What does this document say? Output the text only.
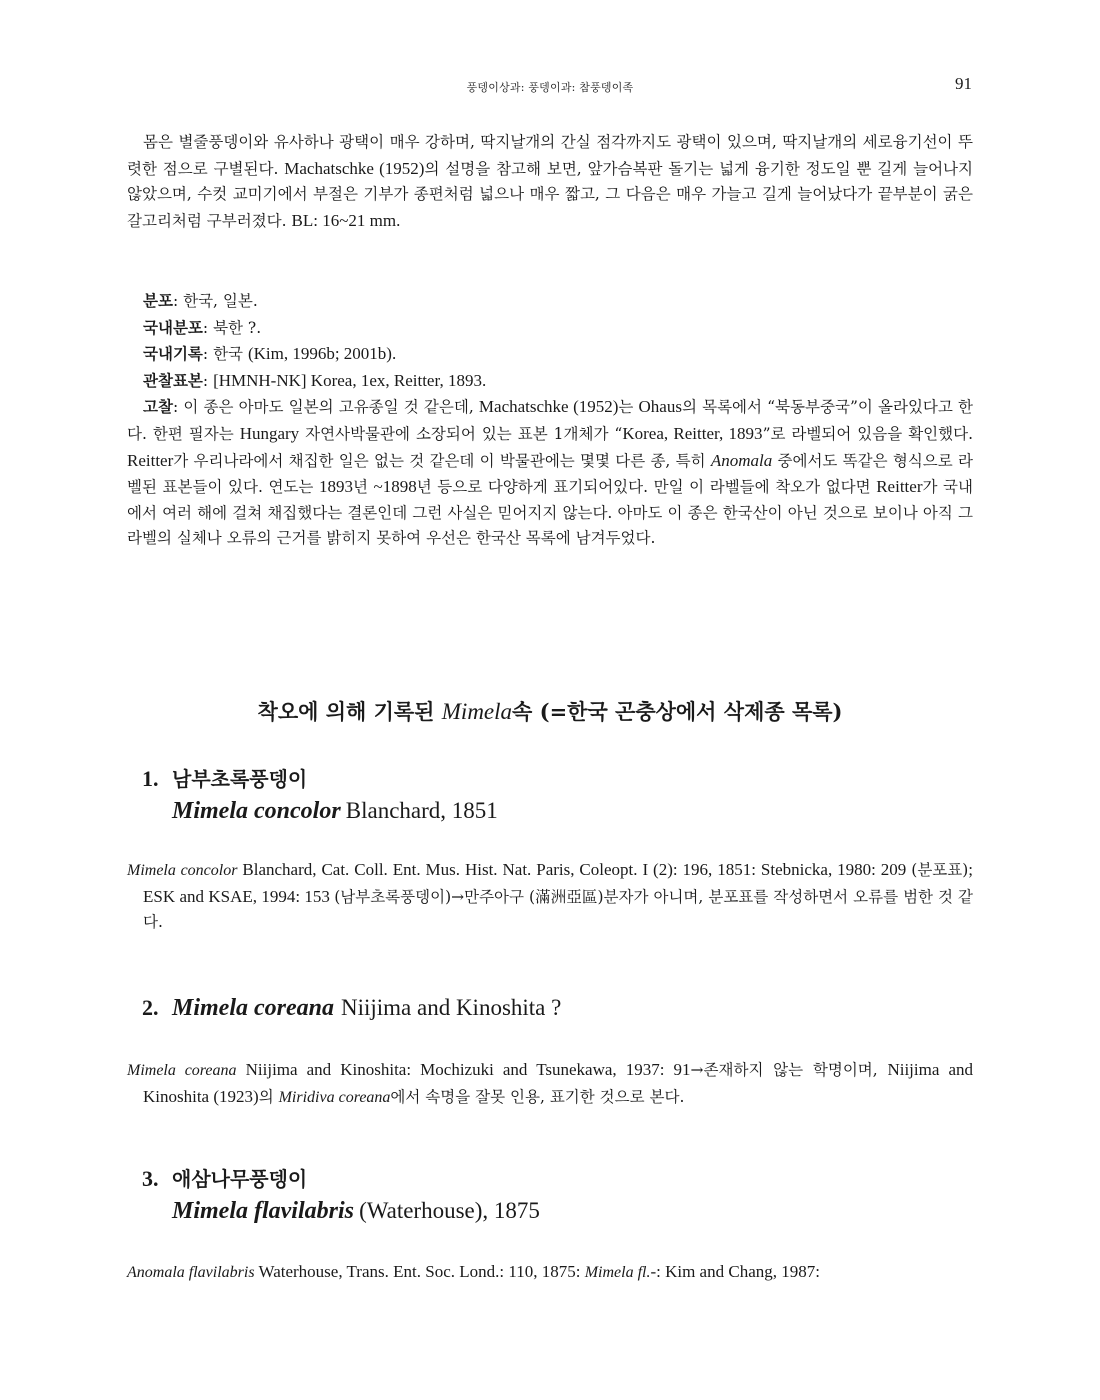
풍뎅이상과: 풍뎅이과: 참풍뎅이족	91
몸은 별줄풍뎅이와 유사하나 광택이 매우 강하며, 딱지날개의 간실 점각까지도 광택이 있으며, 딱지날개의 세로융기선이 뚜렷한 점으로 구별된다. Machatschke (1952)의 설명을 참고해 보면, 앞가슴복판 돌기는 넓게 융기한 정도일 뿐 길게 늘어나지 않았으며, 수컷 교미기에서 부절은 기부가 종편처럼 넓으나 매우 짧고, 그 다음은 매우 가늘고 길게 늘어났다가 끝부분이 굵은 갈고리처럼 구부러졌다. BL: 16~21 mm.

분포: 한국, 일본.

국내분포: 북한 ?.

국내기록: 한국 (Kim, 1996b; 2001b).

관찰표본: [HMNH-NK] Korea, 1ex, Reitter, 1893.

고찰: 이 종은 아마도 일본의 고유종일 것 같은데, Machatschke (1952)는 Ohaus의 목록에서 “북동부중국”이 올라있다고 한다. 한편 필자는 Hungary 자연사박물관에 소장되어 있는 표본 1개체가 “Korea, Reitter, 1893”로 라벨되어 있음을 확인했다. Reitter가 우리나라에서 채집한 일은 없는 것 같은데 이 박물관에는 몇몇 다른 종, 특히 Anomala 중에서도 똑같은 형식으로 라벨된 표본들이 있다. 연도는 1893년 ~1898년 등으로 다양하게 표기되어있다. 만일 이 라벨들에 착오가 없다면 Reitter가 국내에서 여러 해에 걸쳐 채집했다는 결론인데 그런 사실은 믿어지지 않는다. 아마도 이 종은 한국산이 아닌 것으로 보이나 아직 그 라벨의 실체나 오류의 근거를 밝히지 못하여 우선은 한국산 목록에 남겨두었다.

착오에 의해 기록된 Mimela속 (=한국 곤충상에서 삭제종 목록)
1. 남부초록풍뎅이
Mimela concolor Blanchard, 1851

Mimela concolor Blanchard, Cat. Coll. Ent. Mus. Hist. Nat. Paris, Coleopt. I (2): 196, 1851: Stebnicka, 1980: 209 (분포표); ESK and KSAE, 1994: 153 (남부초록풍뎅이)→만주아구 (滿洲亞區)분자가 아니며, 분포표를 작성하면서 오류를 범한 것 같다.

2. Mimela coreana Niijima and Kinoshita ?

Mimela coreana Niijima and Kinoshita: Mochizuki and Tsunekawa, 1937: 91→존재하지 않는 학명이며, Niijima and Kinoshita (1923)의 Miridiva coreana에서 속명을 잘못 인용, 표기한 것으로 본다.

3. 애삼나무풍뎅이
Mimela flavilabris (Waterhouse), 1875

Anomala flavilabris Waterhouse, Trans. Ent. Soc. Lond.: 110, 1875: Mimela fl.-: Kim and Chang, 1987:
